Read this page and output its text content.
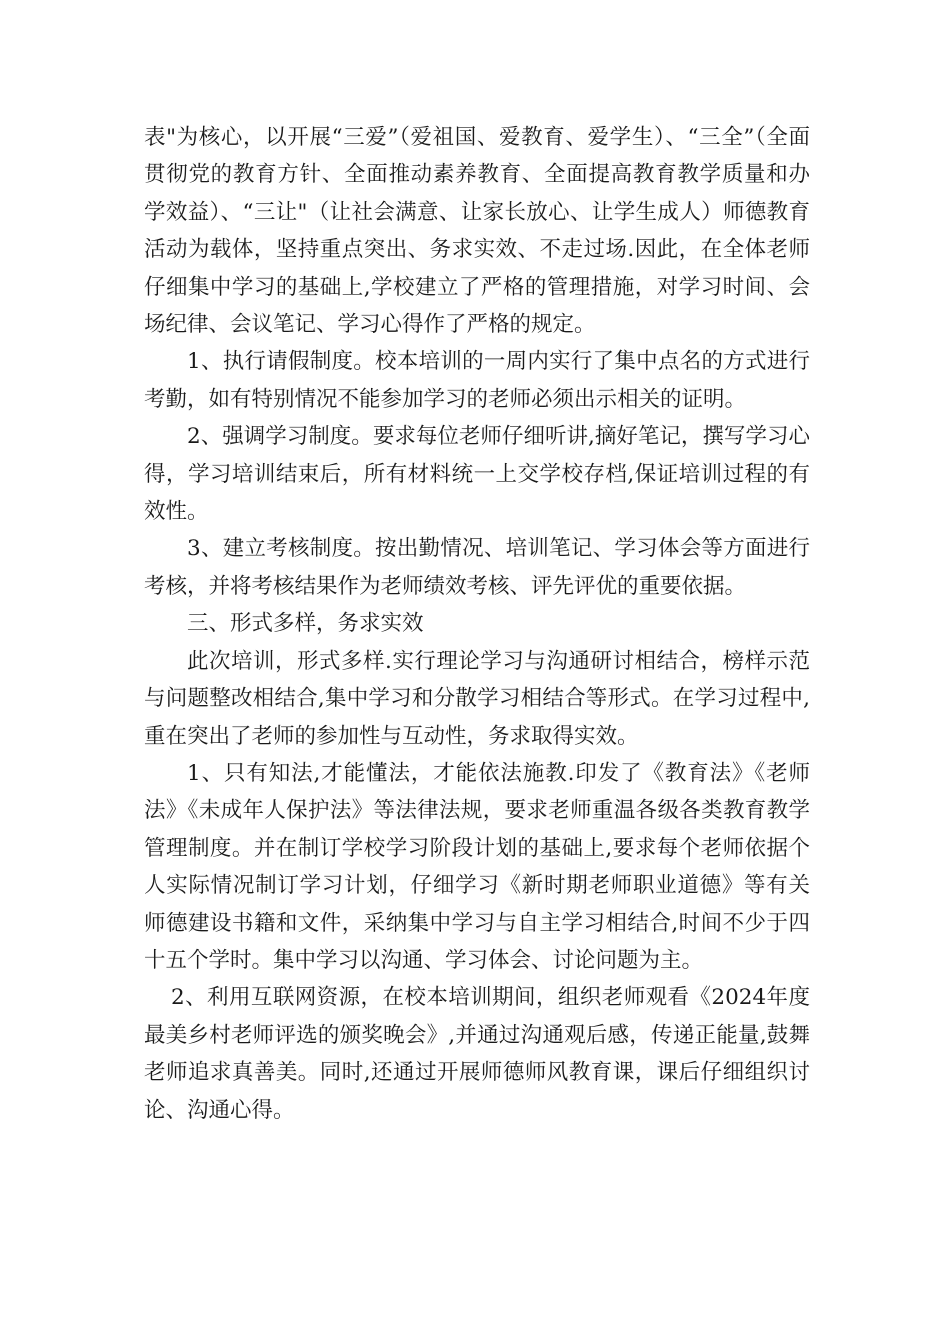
表"为核心，以开展“三爱”（爱祖国、爱教育、爱学生）、“三全”（全面贯彻党的教育方针、全面推动素养教育、全面提高教育教学质量和办学效益）、“三让"（让社会满意、让家长放心、让学生成人）师德教育活动为载体，坚持重点突出、务求实效、不走过场.因此，在全体老师仔细集中学习的基础上,学校建立了严格的管理措施，对学习时间、会场纪律、会议笔记、学习心得作了严格的规定。

1、执行请假制度。校本培训的一周内实行了集中点名的方式进行考勤，如有特别情况不能参加学习的老师必须出示相关的证明。

2、强调学习制度。要求每位老师仔细听讲,摘好笔记，撰写学习心得，学习培训结束后，所有材料统一上交学校存档,保证培训过程的有效性。

3、建立考核制度。按出勤情况、培训笔记、学习体会等方面进行考核，并将考核结果作为老师绩效考核、评先评优的重要依据。

三、形式多样，务求实效

此次培训，形式多样.实行理论学习与沟通研讨相结合，榜样示范与问题整改相结合,集中学习和分散学习相结合等形式。在学习过程中,重在突出了老师的参加性与互动性，务求取得实效。

1、只有知法,才能懂法，才能依法施教.印发了《教育法》《老师法》《未成年人保护法》等法律法规，要求老师重温各级各类教育教学管理制度。并在制订学校学习阶段计划的基础上,要求每个老师依据个人实际情况制订学习计划，仔细学习《新时期老师职业道德》等有关师德建设书籍和文件，采纳集中学习与自主学习相结合,时间不少于四十五个学时。集中学习以沟通、学习体会、讨论问题为主。

2、利用互联网资源，在校本培训期间，组织老师观看《2024年度最美乡村老师评选的颁奖晚会》,并通过沟通观后感，传递正能量,鼓舞老师追求真善美。同时,还通过开展师德师风教育课，课后仔细组织讨论、沟通心得。
